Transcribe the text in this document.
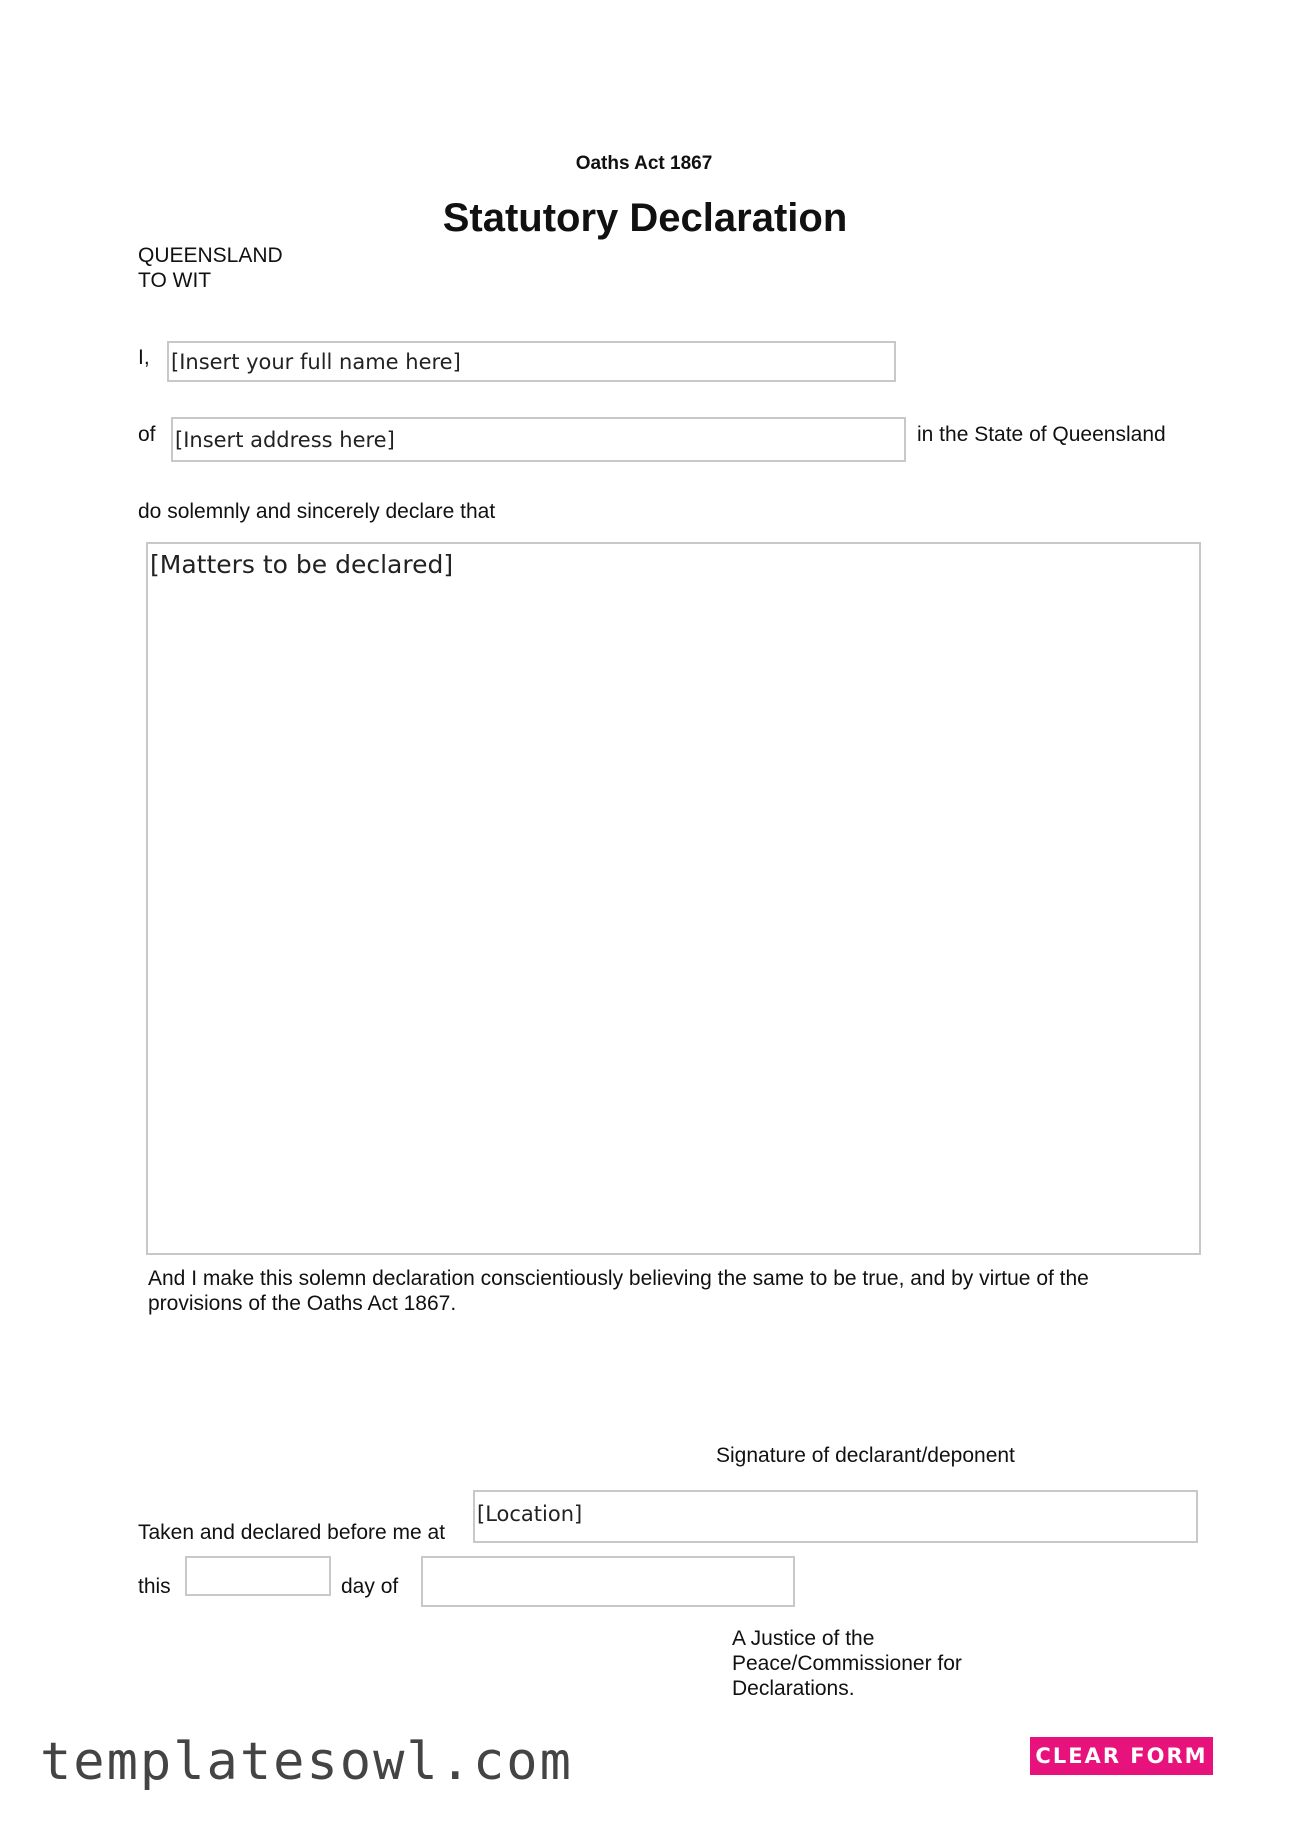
Oaths Act 1867
Statutory Declaration
QUEENSLAND
TO WIT
I, [Insert your full name here]
of [Insert address here]	in the State of Queensland
do solemnly and sincerely declare that
[Matters to be declared]
And I make this solemn declaration conscientiously believing the same to be true, and by virtue of the
provisions of the Oaths Act 1867.
Signature of declarant/deponent
Taken and declared before me at
[Location]
this	day of
A Justice of the
Peace/Commissioner for
Declarations.
templatesowl.com	CLEAR FORM
